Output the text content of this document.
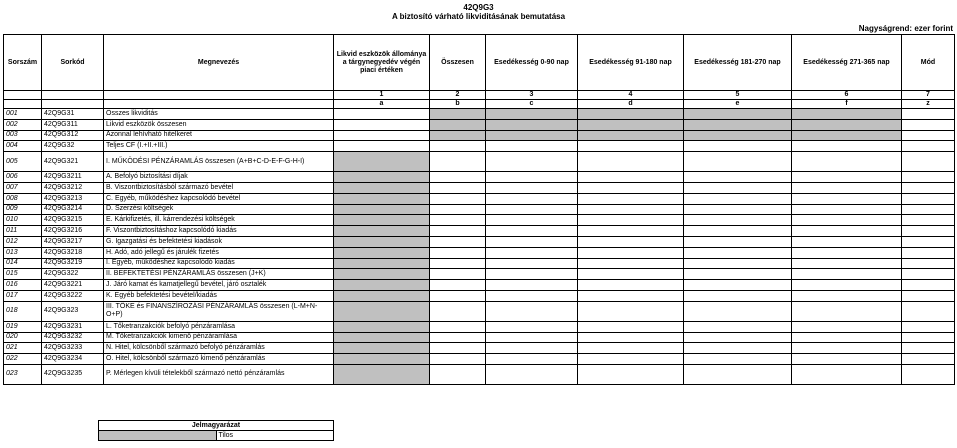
42Q9G3
A biztosító várható likviditásának bemutatása
Nagyságrend: ezer forint
Sorszám	Sorkód	Megnevezés	Likvid eszközök állománya a tárgynegyedév végén piaci értéken	Összesen	Esedékesség 0-90 nap	Esedékesség 91-180 nap	Esedékesség 181-270 nap	Esedékesség 271-365 nap	Mód
			1	2	3	4	5	6	7
			a	b	c	d	e	f	z
001	42Q9G31	Összes likviditás							
002	42Q9G311	Likvid eszközök összesen							
003	42Q9G312	Azonnal lehívható hitelkeret							
004	42Q9G32	Teljes CF (I.+II.+III.)							
005	42Q9G321	I. MŰKÖDÉSI PÉNZÁRAMLÁS összesen (A+B+C-D-E-F-G-H-I)							
006	42Q9G3211	A. Befolyó biztosítási díjak							
007	42Q9G3212	B. Viszontbiztosításból származó bevétel							
008	42Q9G3213	C. Egyéb, működéshez kapcsolódó bevétel							
009	42Q9G3214	D. Szerzési költségek							
010	42Q9G3215	E. Kárkifizetés, ill. kárrendezési költségek							
011	42Q9G3216	F. Viszontbiztosításhoz kapcsolódó kiadás							
012	42Q9G3217	G. Igazgatási és befektetési kiadások							
013	42Q9G3218	H. Adó, adó jellegű és járulék fizetés							
014	42Q9G3219	I. Egyéb, működéshez kapcsolódó kiadás							
015	42Q9G322	II. BEFEKTETÉSI PÉNZÁRAMLÁS összesen (J+K)							
016	42Q9G3221	J. Járó kamat és kamatjellegű bevétel, járó osztalék							
017	42Q9G3222	K. Egyéb befektetési bevétel/kiadás							
018	42Q9G323	III. TŐKE és FINANSZÍROZÁSI PÉNZÁRAMLÁS összesen (L-M+N-O+P)							
019	42Q9G3231	L. Tőketranzakciók befolyó pénzáramlása							
020	42Q9G3232	M. Tőketranzakciók kimenő pénzáramlása							
021	42Q9G3233	N. Hitel, kölcsönből származó befolyó pénzáramlás							
022	42Q9G3234	O. Hitel, kölcsönből származó kimenő pénzáramlás							
023	42Q9G3235	P. Mérlegen kívüli tételekből származó nettó pénzáramlás							
Jelmagyarázat
	Tilos
